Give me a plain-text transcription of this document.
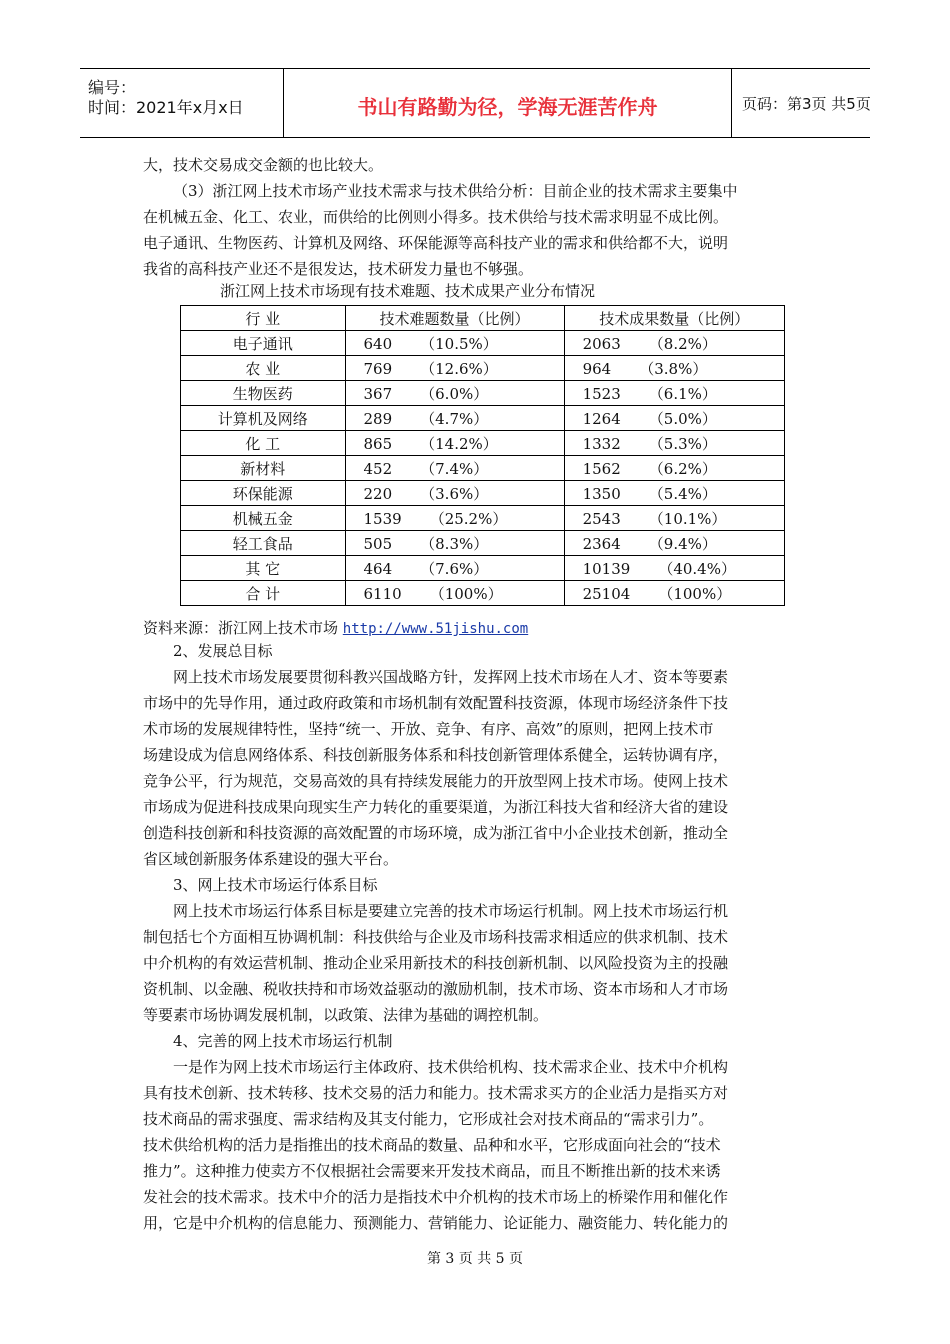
编号：
时间：2021年x月x日	书山有路勤为径，学海无涯苦作舟	页码：第3页 共5页
大，技术交易成交金额的也比较大。
（3）浙江网上技术市场产业技术需求与技术供给分析：目前企业的技术需求主要集中
在机械五金、化工、农业，而供给的比例则小得多。技术供给与技术需求明显不成比例。
电子通讯、生物医药、计算机及网络、环保能源等高科技产业的需求和供给都不大，说明
我省的高科技产业还不是很发达，技术研发力量也不够强。
浙江网上技术市场现有技术难题、技术成果产业分布情况
行 业	技术难题数量（比例）	技术成果数量（比例）
电子通讯	640 （10.5%）	2063 （8.2%）
农 业	769 （12.6%）	964 （3.8%）
生物医药	367 （6.0%）	1523 （6.1%）
计算机及网络	289 （4.7%）	1264 （5.0%）
化 工	865 （14.2%）	1332 （5.3%）
新材料	452 （7.4%）	1562 （6.2%）
环保能源	220 （3.6%）	1350 （5.4%）
机械五金	1539 （25.2%）	2543 （10.1%）
轻工食品	505 （8.3%）	2364 （9.4%）
其 它	464 （7.6%）	10139 （40.4%）
合 计	6110 （100%）	25104 （100%）
资料来源：浙江网上技术市场 http://www.51jishu.com
2、发展总目标
网上技术市场发展要贯彻科教兴国战略方针，发挥网上技术市场在人才、资本等要素
市场中的先导作用，通过政府政策和市场机制有效配置科技资源，体现市场经济条件下技
术市场的发展规律特性，坚持“统一、开放、竞争、有序、高效”的原则，把网上技术市
场建设成为信息网络体系、科技创新服务体系和科技创新管理体系健全，运转协调有序，
竞争公平，行为规范，交易高效的具有持续发展能力的开放型网上技术市场。使网上技术
市场成为促进科技成果向现实生产力转化的重要渠道，为浙江科技大省和经济大省的建设
创造科技创新和科技资源的高效配置的市场环境，成为浙江省中小企业技术创新，推动全
省区域创新服务体系建设的强大平台。
3、网上技术市场运行体系目标
网上技术市场运行体系目标是要建立完善的技术市场运行机制。网上技术市场运行机
制包括七个方面相互协调机制：科技供给与企业及市场科技需求相适应的供求机制、技术
中介机构的有效运营机制、推动企业采用新技术的科技创新机制、以风险投资为主的投融
资机制、以金融、税收扶持和市场效益驱动的激励机制，技术市场、资本市场和人才市场
等要素市场协调发展机制，以政策、法律为基础的调控机制。
4、完善的网上技术市场运行机制
一是作为网上技术市场运行主体政府、技术供给机构、技术需求企业、技术中介机构
具有技术创新、技术转移、技术交易的活力和能力。技术需求买方的企业活力是指买方对
技术商品的需求强度、需求结构及其支付能力，它形成社会对技术商品的“需求引力”。
技术供给机构的活力是指推出的技术商品的数量、品种和水平，它形成面向社会的“技术
推力”。这种推力使卖方不仅根据社会需要来开发技术商品，而且不断推出新的技术来诱
发社会的技术需求。技术中介的活力是指技术中介机构的技术市场上的桥梁作用和催化作
用，它是中介机构的信息能力、预测能力、营销能力、论证能力、融资能力、转化能力的
第 3 页 共 5 页
